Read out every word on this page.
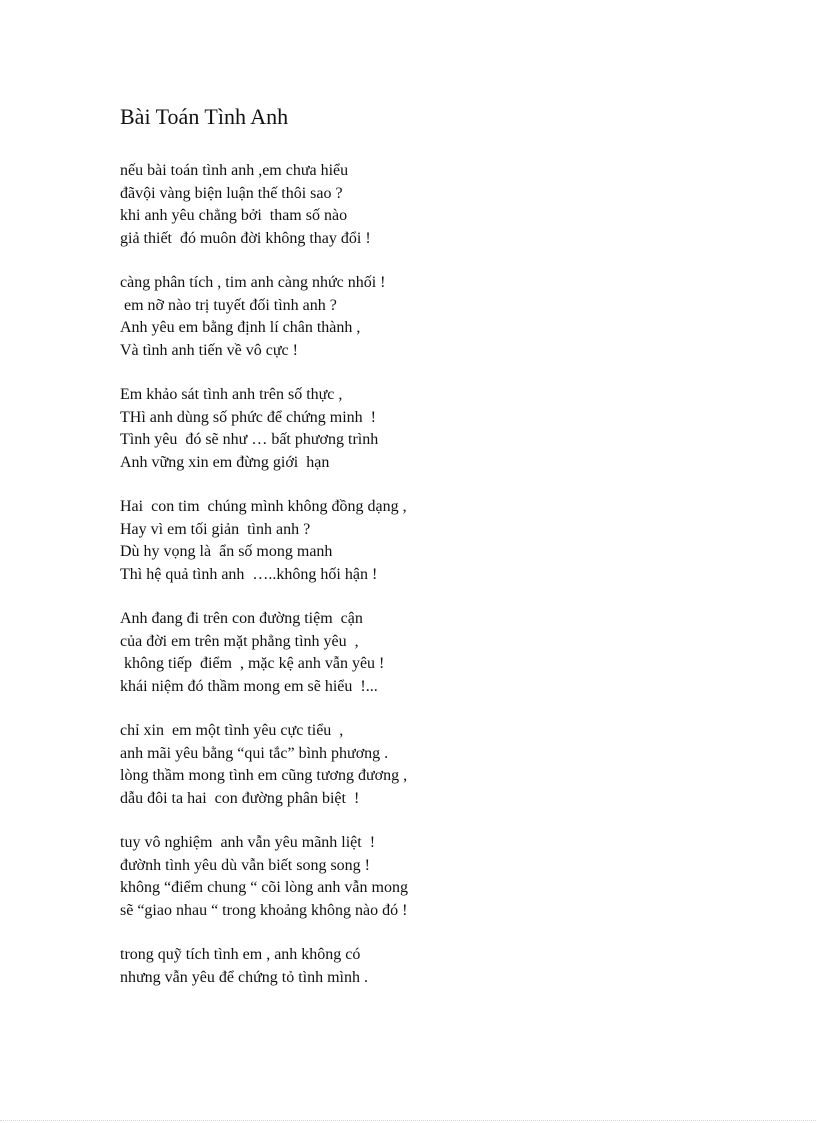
Bài Toán Tình Anh
nếu bài toán tình anh ,em chưa hiểu
đãvội vàng biện luận thế thôi sao ?
khi anh yêu chẳng bởi  tham số nào
giả thiết  đó muôn đời không thay đổi !
càng phân tích , tim anh càng nhức nhối !
em nỡ nào trị tuyết đối tình anh ?
Anh yêu em bằng định lí chân thành ,
Và tình anh tiến về vô cực !
Em khảo sát tình anh trên số thực ,
THì anh dùng số phức để chứng minh  !
Tình yêu  đó sẽ như … bất phương trình
Anh vững xin em đừng giới  hạn
Hai  con tim  chúng mình không đồng dạng ,
Hay vì em tối giản  tình anh ?
Dù hy vọng là  ẩn số mong manh
Thì hệ quả tình anh  …..không hối hận !
Anh đang đi trên con đường tiệm  cận
của đời em trên mặt phẳng tình yêu  ,
không tiếp  điểm  , mặc kệ anh vẫn yêu !
khái niệm đó thầm mong em sẽ hiểu  !...
chỉ xin  em một tình yêu cực tiểu  ,
anh mãi yêu bằng “qui tắc” bình phương .
lòng thầm mong tình em cũng tương đương ,
dẫu đôi ta hai  con đường phân biệt  !
tuy vô nghiệm  anh vẫn yêu mãnh liệt  !
đườnh tình yêu dù vẫn biết song song !
không “điểm chung “ cõi lòng anh vẫn mong
sẽ “giao nhau “ trong khoảng không nào đó !
trong quỹ tích tình em , anh không có
nhưng vẫn yêu để chứng tỏ tình mình .
